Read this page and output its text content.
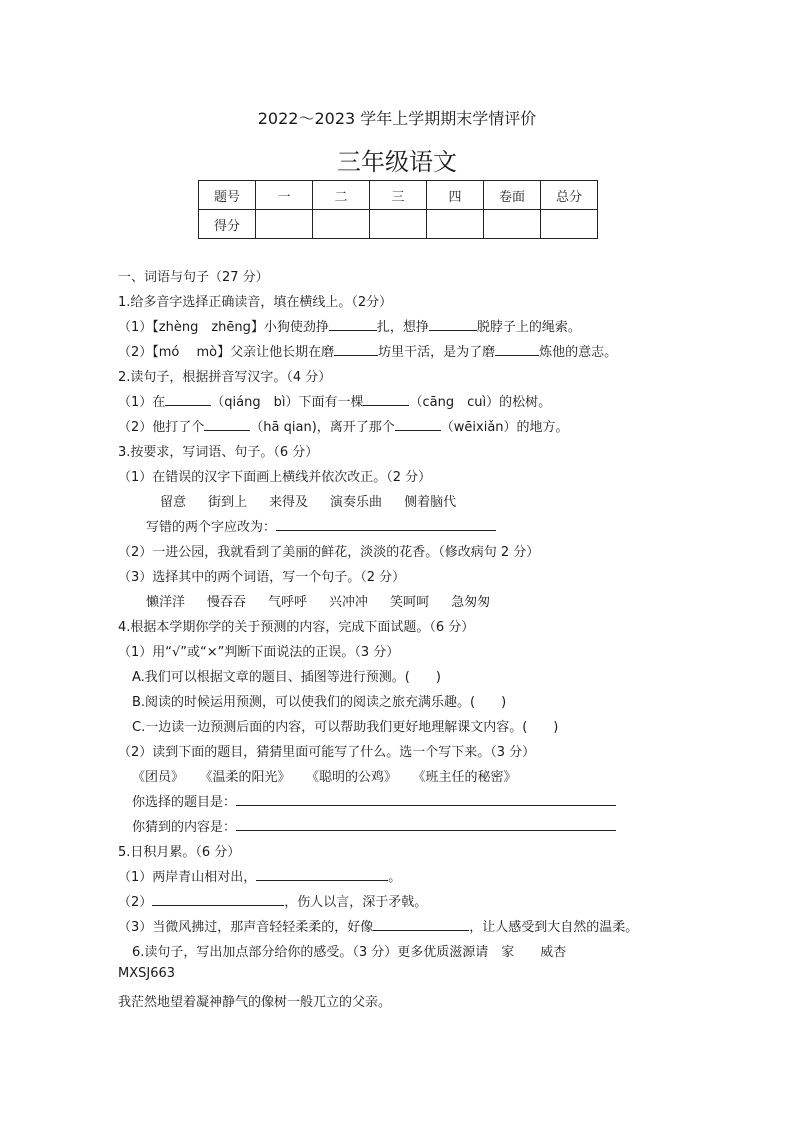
2022～2023 学年上学期期末学情评价
三年级语文
题号	一	二	三	四	卷面	总分
得分						
一、词语与句子（27 分）
1.给多音字选择正确读音，填在横线上。（2分）
（1）【zhèng　zhēng】小狗使劲挣	扎，想挣	脱脖子上的绳索。
（2）【mó　 mò】父亲让他长期在磨	坊里干活，是为了磨	炼他的意志。
2.读句子，根据拼音写汉字。（4 分）
（1）在	（qiáng　bì）下面有一棵	（cāng　cuì）的松树。
（2）他打了个	（hā qian)，离开了那个	（wēixiǎn）的地方。
3.按要求，写词语、句子。（6 分）
（1）在错误的汉字下面画上横线并依次改正。（2 分）
留意 街到上 来得及 演奏乐曲 侧着脑代
写错的两个字应改为：
（2）一进公园，我就看到了美丽的鲜花，淡淡的花香。（修改病句 2 分）
（3）选择其中的两个词语，写一个句子。（2 分）
懒洋洋 慢吞吞 气呼呼 兴冲冲 笑呵呵 急匆匆
4.根据本学期你学的关于预测的内容，完成下面试题。（6 分）
（1）用“√”或“×”判断下面说法的正误。（3 分）
A.我们可以根据文章的题目、插图等进行预测。(　　)
B.阅读的时候运用预测，可以使我们的阅读之旅充满乐趣。(　　)
C.一边读一边预测后面的内容，可以帮助我们更好地理解课文内容。(　　)
（2）读到下面的题目，猜猜里面可能写了什么。选一个写下来。（3 分）
《团员》 《温柔的阳光》 《聪明的公鸡》 《班主任的秘密》
你选择的题目是：
你猜到的内容是：
5.日积月累。（6 分）
（1）两岸青山相对出，	。
（2）	，伤人以言，深于矛戟。
（3）当微风拂过，那声音轻轻柔柔的，好像	，让人感受到大自然的温柔。
6.读句子，写出加点部分给你的感受。（3 分）更多优质滋源请　家　　威杏
MXSJ663
我茫然地望着凝神静气的像树一般兀立的父亲。
